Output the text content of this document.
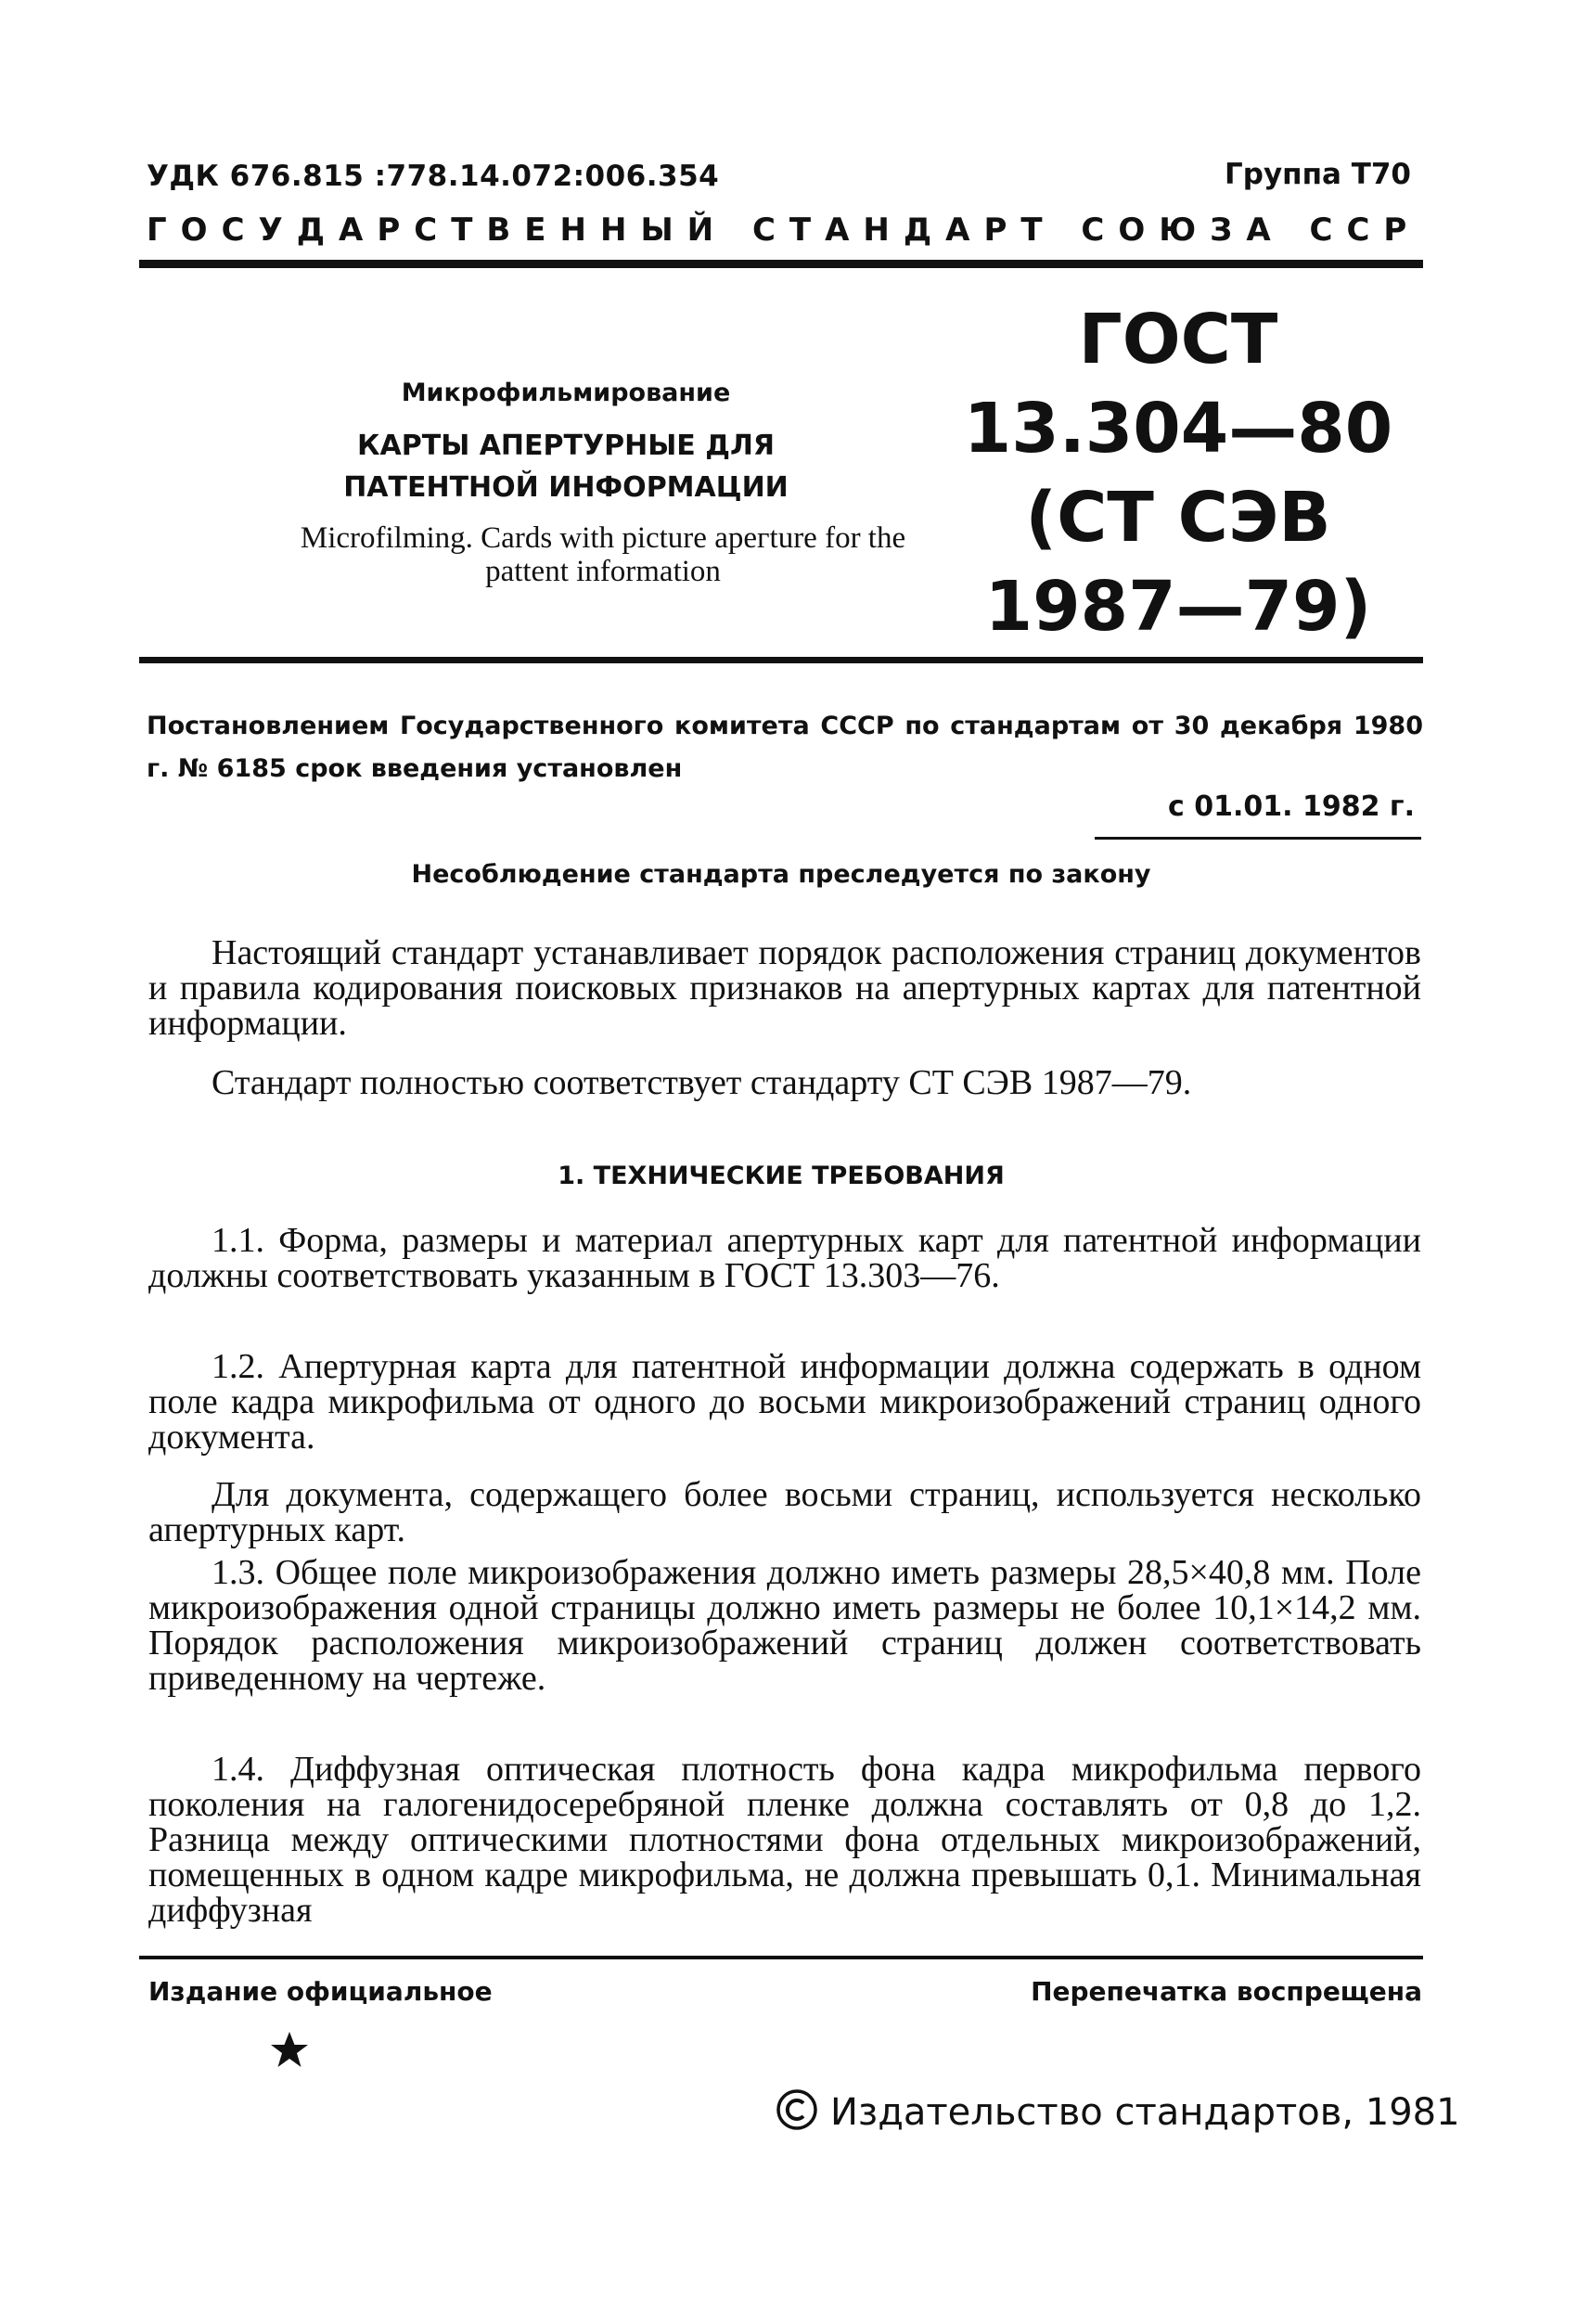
УДК 676.815 :778.14.072:006.354	Группа Т70
ГОСУДАРСТВЕННЫЙ СТАНДАРТ СОЮЗА ССР
Микрофильмирование
КАРТЫ АПЕРТУРНЫЕ ДЛЯ ПАТЕНТНОЙ ИНФОРМАЦИИ
Microfilming. Cards with picture apeгture for the pattent information
ГОСТ
13.304—80
(СТ СЭВ
1987—79)
Постановлением Государственного комитета СССР по стандартам от 30 декабря 1980 г. № 6185 срок введения установлен
с 01.01. 1982 г.
Несоблюдение стандарта преследуется по закону
Настоящий стандарт устанавливает порядок расположения страниц документов и правила кодирования поисковых признаков на апертурных картах для патентной информации.
Стандарт полностью соответствует стандарту СТ СЭВ 1987—79.
1. ТЕХНИЧЕСКИЕ ТРЕБОВАНИЯ
1.1. Форма, размеры и материал апертурных карт для патентной информации должны соответствовать указанным в ГОСТ 13.303—76.
1.2. Апертурная карта для патентной информации должна содержать в одном поле кадра микрофильма от одного до восьми микроизображений страниц одного документа.
Для документа, содержащего более восьми страниц, используется несколько апертурных карт.
1.3. Общее поле микроизображения должно иметь размеры 28,5×40,8 мм. Поле микроизображения одной страницы должно иметь размеры не более 10,1×14,2 мм. Порядок расположения микроизображений страниц должен соответствовать приведенному на чертеже.
1.4. Диффузная оптическая плотность фона кадра микрофильма первого поколения на галогенидосеребряной пленке должна составлять от 0,8 до 1,2. Разница между оптическими плотностями фона отдельных микроизображений, помещенных в одном кадре микрофильма, не должна превышать 0,1. Минимальная диффузная
Издание официальное	Перепечатка воспрещена
Издательство стандартов, 1981
